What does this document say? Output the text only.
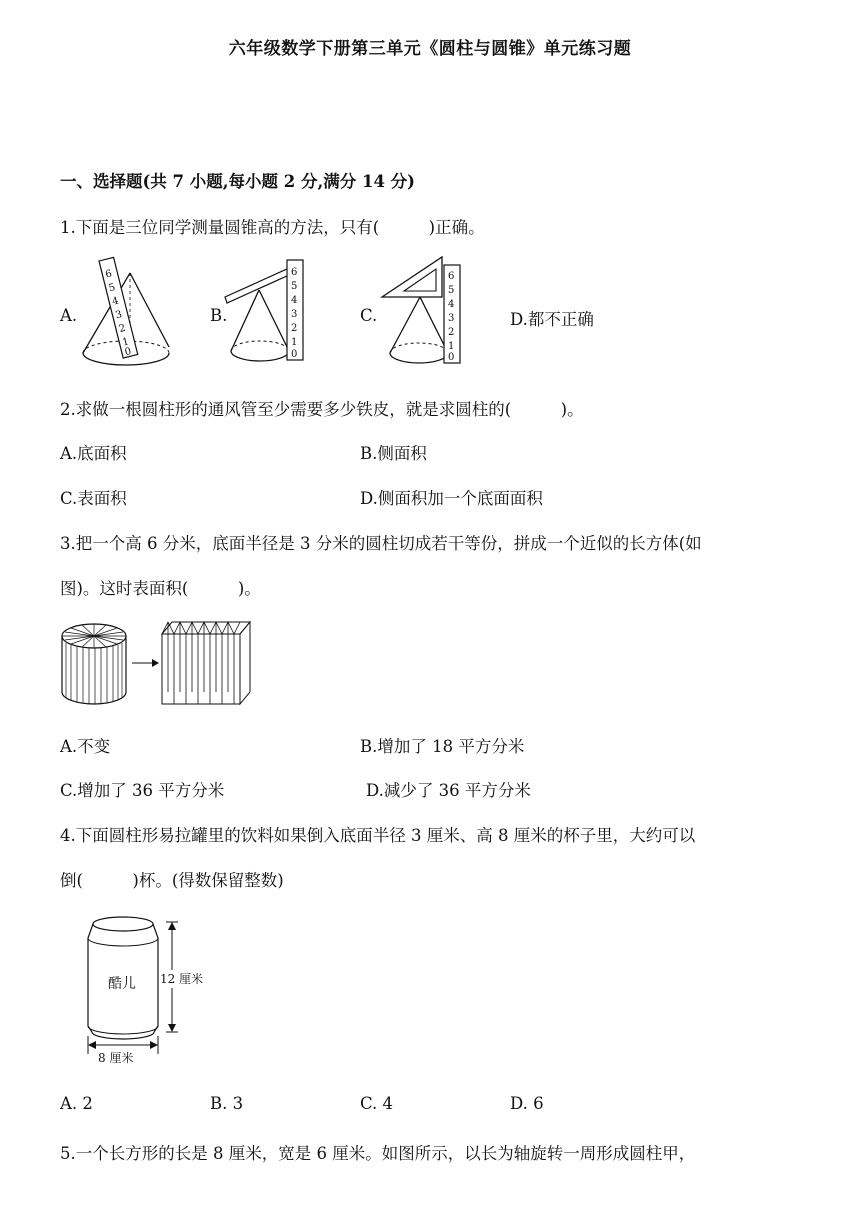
六年级数学下册第三单元《圆柱与圆锥》单元练习题
一、选择题(共 7 小题,每小题 2 分,满分 14 分)
1.下面是三位同学测量圆锥高的方法，只有(　　　)正确。
A.	B.	C.	D.都不正确
6
5
4
3
2
1
0
6
5
4
3
2
1
0
6
5
4
3
2
1
0
2.求做一根圆柱形的通风管至少需要多少铁皮，就是求圆柱的(　　　)。
A.底面积	B.侧面积
C.表面积	D.侧面积加一个底面面积
3.把一个高 6 分米，底面半径是 3 分米的圆柱切成若干等份，拼成一个近似的长方体(如
图)。这时表面积(　　　)。
A.不变	B.增加了 18 平方分米
C.增加了 36 平方分米	D.减少了 36 平方分米
4.下面圆柱形易拉罐里的饮料如果倒入底面半径 3 厘米、高 8 厘米的杯子里，大约可以
倒(　　　)杯。(得数保留整数)
酷儿 12 厘米
8 厘米
A. 2	B. 3	C. 4	D. 6
5.一个长方形的长是 8 厘米，宽是 6 厘米。如图所示，以长为轴旋转一周形成圆柱甲，
